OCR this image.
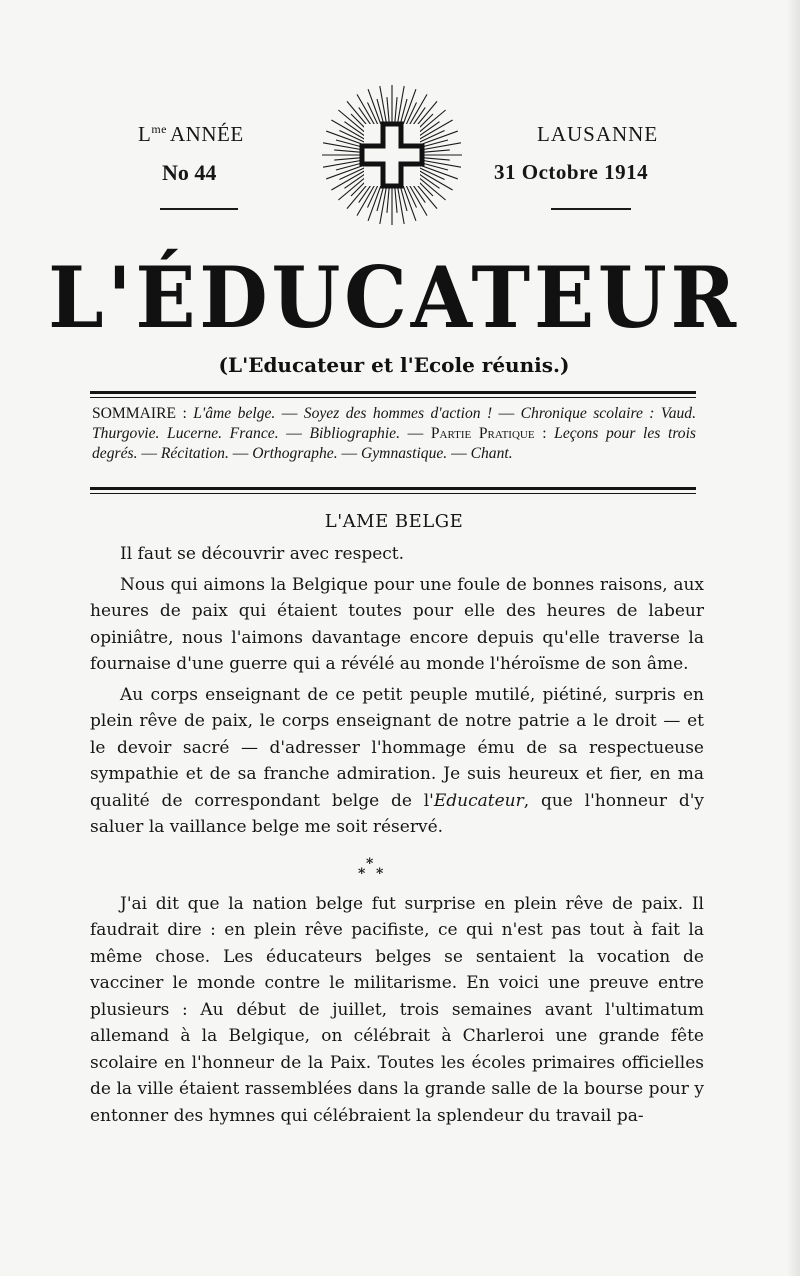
$L^{me}$ ANNÉE
No 44
LAUSANNE
31 Octobre 1914
L'ÉDUCATEUR
(L'Educateur et l'Ecole réunis.)
SOMMAIRE : L'âme belge. — Soyez des hommes d'action ! — Chronique scolaire : Vaud. Thurgovie. Lucerne. France. — Bibliographie. — Partie Pratique : Leçons pour les trois degrés. — Récitation. — Orthographe. — Gymnastique. — Chant.
L'AME BELGE

Il faut se découvrir avec respect.

Nous qui aimons la Belgique pour une foule de bonnes raisons, aux heures de paix qui étaient toutes pour elle des heures de labeur opiniâtre, nous l'aimons davantage encore depuis qu'elle traverse la fournaise d'une guerre qui a révélé au monde l'héroïsme de son âme.

Au corps enseignant de ce petit peuple mutilé, piétiné, surpris en plein rêve de paix, le corps enseignant de notre patrie a le droit — et le devoir sacré — d'adresser l'hommage ému de sa respectueuse sympathie et de sa franche admiration. Je suis heureux et fier, en ma qualité de correspondant belge de l'Educateur, que l'honneur d'y saluer la vaillance belge me soit réservé.

*
* *

J'ai dit que la nation belge fut surprise en plein rêve de paix. Il faudrait dire : en plein rêve pacifiste, ce qui n'est pas tout à fait la même chose. Les éducateurs belges se sentaient la vocation de vacciner le monde contre le militarisme. En voici une preuve entre plusieurs : Au début de juillet, trois semaines avant l'ultimatum allemand à la Belgique, on célébrait à Charleroi une grande fête scolaire en l'honneur de la Paix. Toutes les écoles primaires officielles de la ville étaient rassemblées dans la grande salle de la bourse pour y entonner des hymnes qui célébraient la splendeur du travail pa-
